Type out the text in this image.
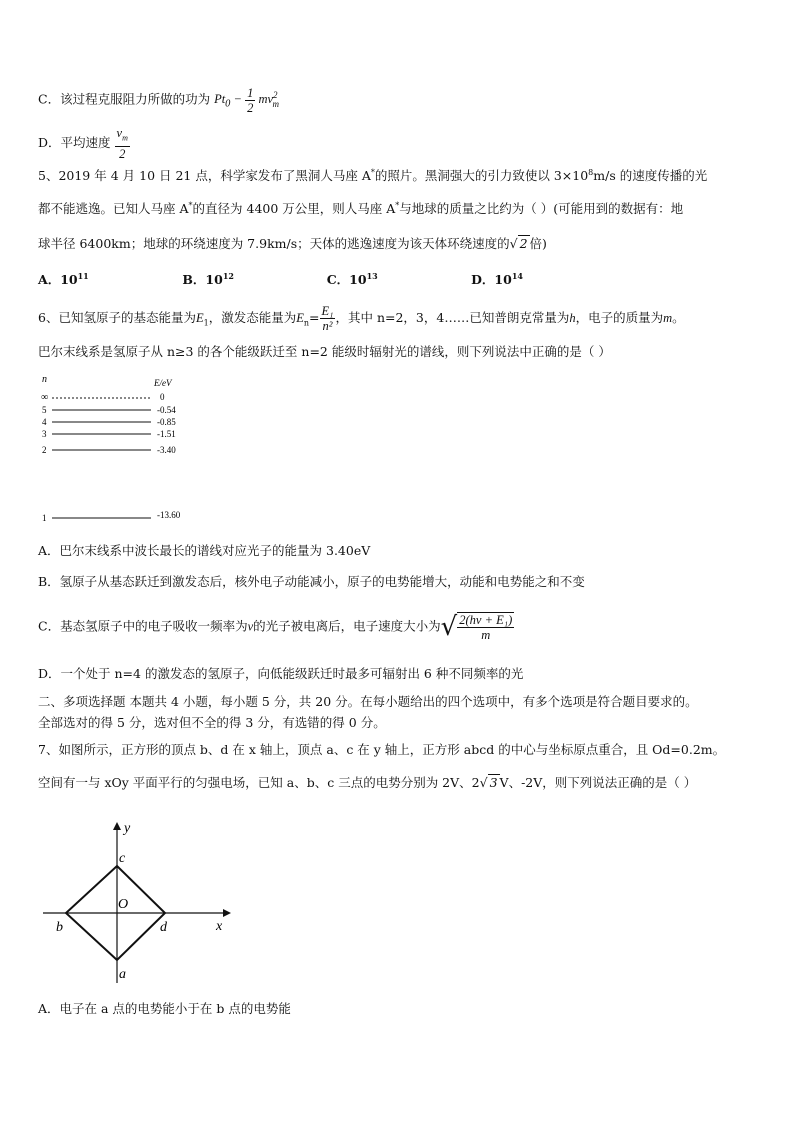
C．该过程克服阻力所做的功为 $Pt_0 - \frac{1}{2} mv^2_m$
D．平均速度 $\frac{v_m}{2}$
5、2019 年 4 月 10 日 21 点，科学家发布了黑洞人马座 A*的照片。黑洞强大的引力致使以 $3\times 10^8m/s$ 的速度传播的光
都不能逃逸。已知人马座 A*的直径为 4400 万公里，则人马座 A*与地球的质量之比约为（ ）(可能用到的数据有：地
球半径 6400km；地球的环绕速度为 7.9km/s；天体的逃逸速度为该天体环绕速度的√ 2 倍)
A．$10^{11}$	B．$10^{12}$	C．$10^{13}$	D．$10^{14}$
6、已知氢原子的基态能量为$E_1$，激发态能量为$E_n= \frac{\text{E₁}}{\text{n²}}$ ，其中 n=2，3，4……已知普朗克常量为h，电子的质量为m。
巴尔末线系是氢原子从 n≥3 的各个能级跃迁至 n=2 能级时辐射光的谱线，则下列说法中正确的是（ ）
n	E/eV
∞	0
5	-0.54
4	-0.85
3	-1.51
2	-3.40
1	-13.60
A．巴尔末线系中波长最长的谱线对应光子的能量为 3.40eV
B．氢原子从基态跃迁到激发态后，核外电子动能减小，原子的电势能增大，动能和电势能之和不变
C．基态氢原子中的电子吸收一频率为ν的光子被电离后，电子速度大小为√ $\frac{\text{2(hν + E₁)}}{m}$
D．一个处于 n=4 的激发态的氢原子，向低能级跃迁时最多可辐射出 6 种不同频率的光
二、多项选择题 本题共 4 小题，每小题 5 分，共 20 分。在每小题给出的四个选项中，有多个选项是符合题目要求的。
全部选对的得 5 分，选对但不全的得 3 分，有选错的得 0 分。
7、如图所示，正方形的顶点 b、d 在 x 轴上，顶点 a、c 在 y 轴上，正方形 abcd 的中心与坐标原点重合，且 Od=0.2m。
空间有一与 xOy 平面平行的匀强电场，已知 a、b、c 三点的电势分别为 2V、2√ 3 V、-2V，则下列说法正确的是（ ）
y
x
O
c
a
b	d
A．电子在 a 点的电势能小于在 b 点的电势能
